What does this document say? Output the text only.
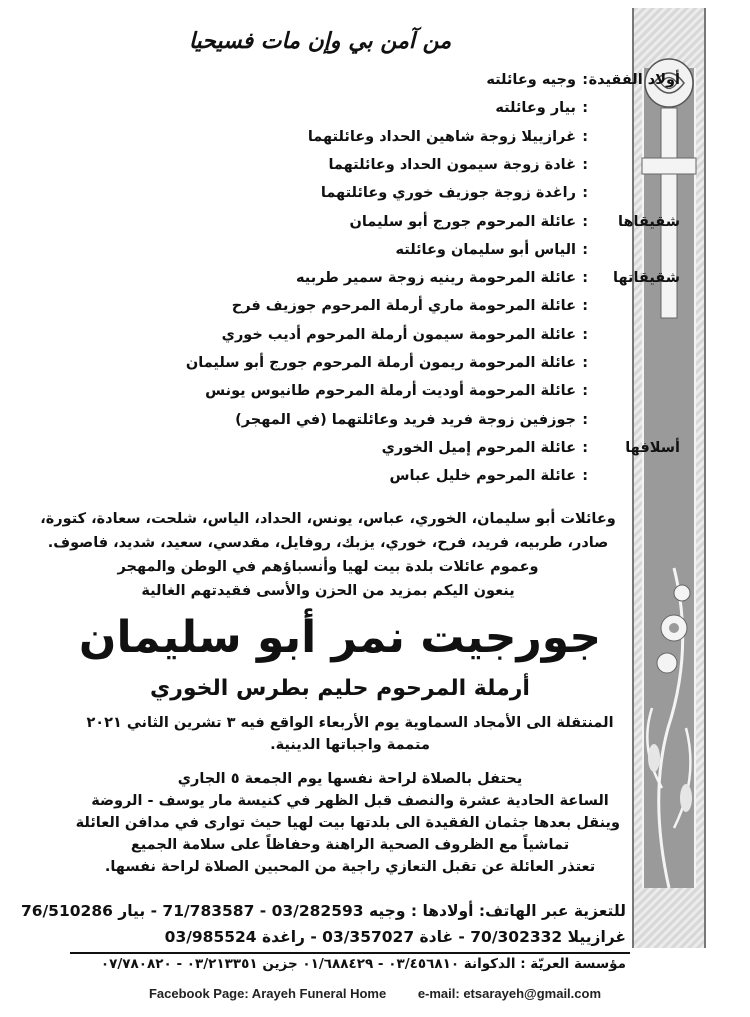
من آمن بي وإن مات فسيحيا
أولاد الفقيدة
:
وجيه وعائلته
:
بيار وعائلته
:
غرازييلا زوجة شاهين الحداد وعائلتهما
:
غادة زوجة سيمون الحداد وعائلتهما
:
راغدة زوجة جوزيف خوري وعائلتهما
شقيقاها
:
عائلة المرحوم جورج أبو سليمان
:
الياس أبو سليمان وعائلته
شقيقاتها
:
عائلة المرحومة رينيه زوجة سمير طربيه
:
عائلة المرحومة ماري أرملة المرحوم جوزيف فرح
:
عائلة المرحومة سيمون أرملة المرحوم أديب خوري
:
عائلة المرحومة ريمون أرملة المرحوم جورج أبو سليمان
:
عائلة المرحومة أوديت أرملة المرحوم طانيوس يونس
:
جوزفين زوجة فريد فريد وعائلتهما (في المهجر)
أسلافها
:
عائلة المرحوم إميل الخوري
:
عائلة المرحوم خليل عباس
وعائلات أبو سليمان، الخوري، عباس، يونس، الحداد، الياس، شلحت، سعادة، كتورة،
صادر، طربيه، فريد، فرح، خوري، يزبك، روفايل، مقدسي، سعيد، شديد، فاصوف.
وعموم عائلات بلدة بيت لهيا وأنسباؤهم في الوطن والمهجر
ينعون اليكم بمزيد من الحزن والأسى فقيدتهم الغالية
جورجيت نمر أبو سليمان
أرملة المرحوم حليم بطرس الخوري
المنتقلة الى الأمجاد السماوية يوم الأربعاء الواقع فيه ٣ تشرين الثاني ٢٠٢١
متممة واجباتها الدينية.
يحتفل بالصلاة لراحة نفسها يوم الجمعة ٥ الجاري
الساعة الحادية عشرة والنصف قبل الظهر في كنيسة مار يوسف - الروضة
وينقل بعدها جثمان الفقيدة الى بلدتها بيت لهيا حيث توارى في مدافن العائلة
تماشياً مع الظروف الصحية الراهنة وحفاظاً على سلامة الجميع
تعتذر العائلة عن تقبل التعازي راجية من المحبين الصلاة لراحة نفسها.
للتعزية عبر الهاتف: أولادها : وجيه 03/282593 - 71/783587 - بيار 76/510286
غرازييلا 70/302332 - غادة 03/357027 - راغدة 03/985524
مؤسسة العريّة : الدكوانة ٠٣/٤٥٦٨١٠ - ٠١/٦٨٨٤٢٩ جزين ٠٣/٢١٣٣٥١ - ٠٧/٧٨٠٨٢٠
Facebook Page: Arayeh Funeral Home e-mail: etsarayeh@gmail.com
